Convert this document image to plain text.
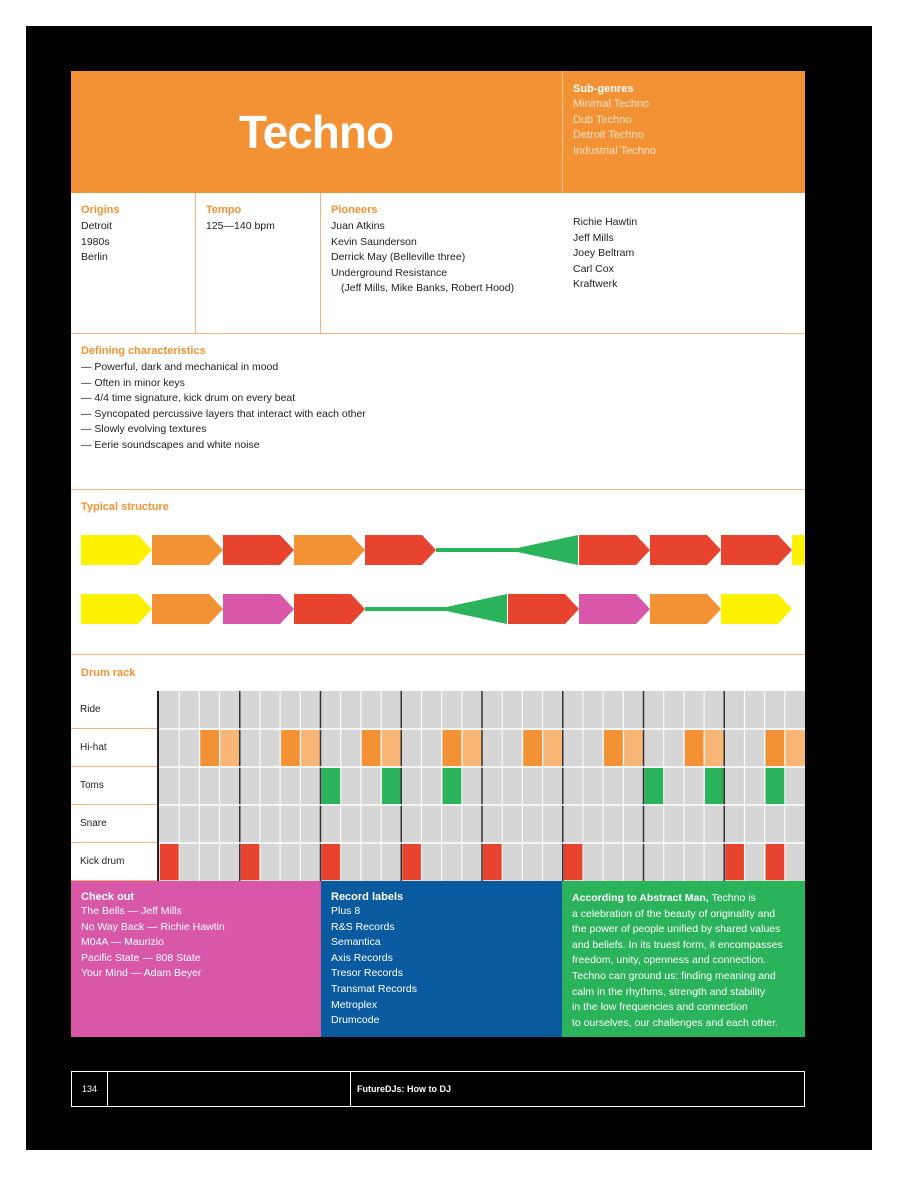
Techno
Sub-genres
Minimal Techno
Dub Techno
Detroit Techno
Industrial Techno
Origins
Detroit
1980s
Berlin
Tempo
125—140 bpm
Pioneers
Juan Atkins
Kevin Saunderson
Derrick May (Belleville three)
Underground Resistance
(Jeff Mills, Mike Banks, Robert Hood)
Richie Hawtin
Jeff Mills
Joey Beltram
Carl Cox
Kraftwerk
Defining characteristics
— Powerful, dark and mechanical in mood
— Often in minor keys
— 4/4 time signature, kick drum on every beat
— Syncopated percussive layers that interact with each other
— Slowly evolving textures
— Eerie soundscapes and white noise
Typical structure
Drum rack
Ride
Hi-hat
Toms
Snare
Kick drum
Check out
The Bells — Jeff Mills
No Way Back — Richie Hawtin
M04A — Maurizio
Pacific State — 808 State
Your Mind — Adam Beyer
Record labels
Plus 8
R&S Records
Semantica
Axis Records
Tresor Records
Transmat Records
Metroplex
Drumcode
According to Abstract Man, Techno is
a celebration of the beauty of originality and
the power of people unified by shared values
and beliefs. In its truest form, it encompasses
freedom, unity, openness and connection.
Techno can ground us: finding meaning and
calm in the rhythms, strength and stability
in the low frequencies and connection
to ourselves, our challenges and each other.
134	FutureDJs: How to DJ
